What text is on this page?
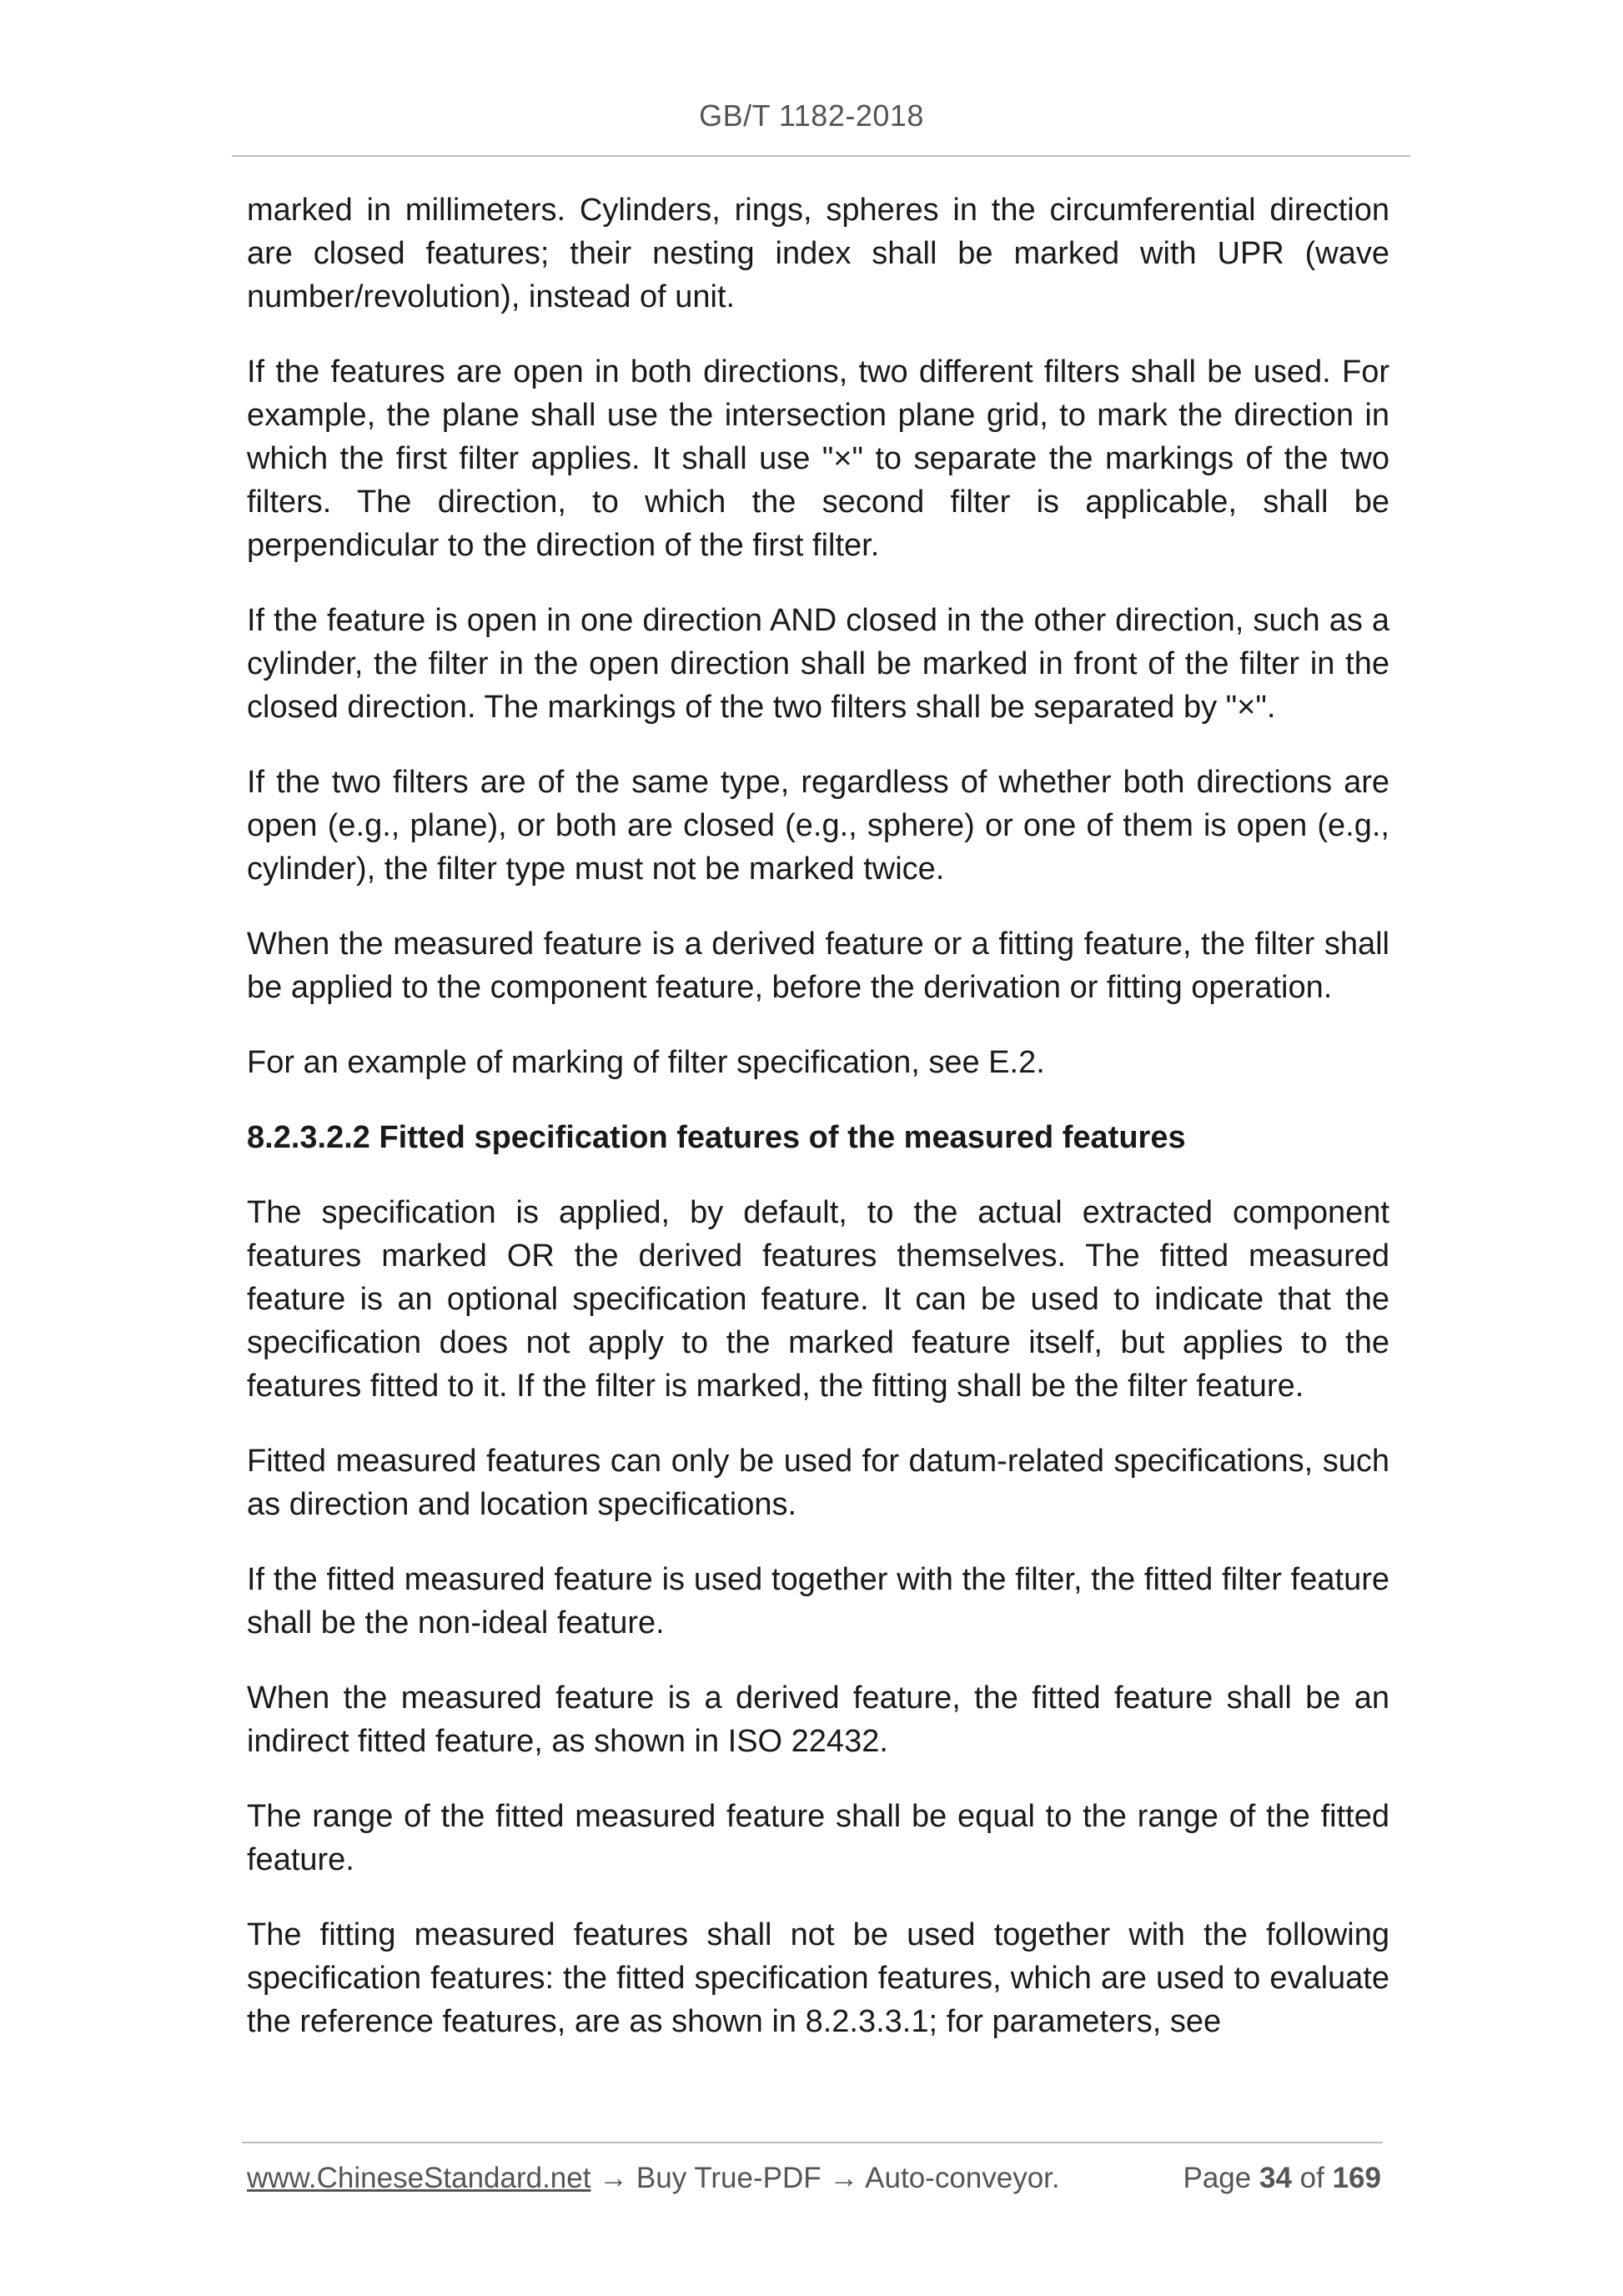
GB/T 1182-2018

marked in millimeters. Cylinders, rings, spheres in the circumferential direction are closed features; their nesting index shall be marked with UPR (wave number/revolution), instead of unit.

If the features are open in both directions, two different filters shall be used. For example, the plane shall use the intersection plane grid, to mark the direction in which the first filter applies. It shall use "×" to separate the markings of the two filters. The direction, to which the second filter is applicable, shall be perpendicular to the direction of the first filter.

If the feature is open in one direction AND closed in the other direction, such as a cylinder, the filter in the open direction shall be marked in front of the filter in the closed direction. The markings of the two filters shall be separated by "×".

If the two filters are of the same type, regardless of whether both directions are open (e.g., plane), or both are closed (e.g., sphere) or one of them is open (e.g., cylinder), the filter type must not be marked twice.

When the measured feature is a derived feature or a fitting feature, the filter shall be applied to the component feature, before the derivation or fitting operation.

For an example of marking of filter specification, see E.2.

8.2.3.2.2 Fitted specification features of the measured features

The specification is applied, by default, to the actual extracted component features marked OR the derived features themselves. The fitted measured feature is an optional specification feature. It can be used to indicate that the specification does not apply to the marked feature itself, but applies to the features fitted to it. If the filter is marked, the fitting shall be the filter feature.

Fitted measured features can only be used for datum-related specifications, such as direction and location specifications.

If the fitted measured feature is used together with the filter, the fitted filter feature shall be the non-ideal feature.

When the measured feature is a derived feature, the fitted feature shall be an indirect fitted feature, as shown in ISO 22432.

The range of the fitted measured feature shall be equal to the range of the fitted feature.

The fitting measured features shall not be used together with the following specification features: the fitted specification features, which are used to evaluate the reference features, are as shown in 8.2.3.3.1; for parameters, see

www.ChineseStandard.net → Buy True-PDF → Auto-conveyor.	Page 34 of 169
